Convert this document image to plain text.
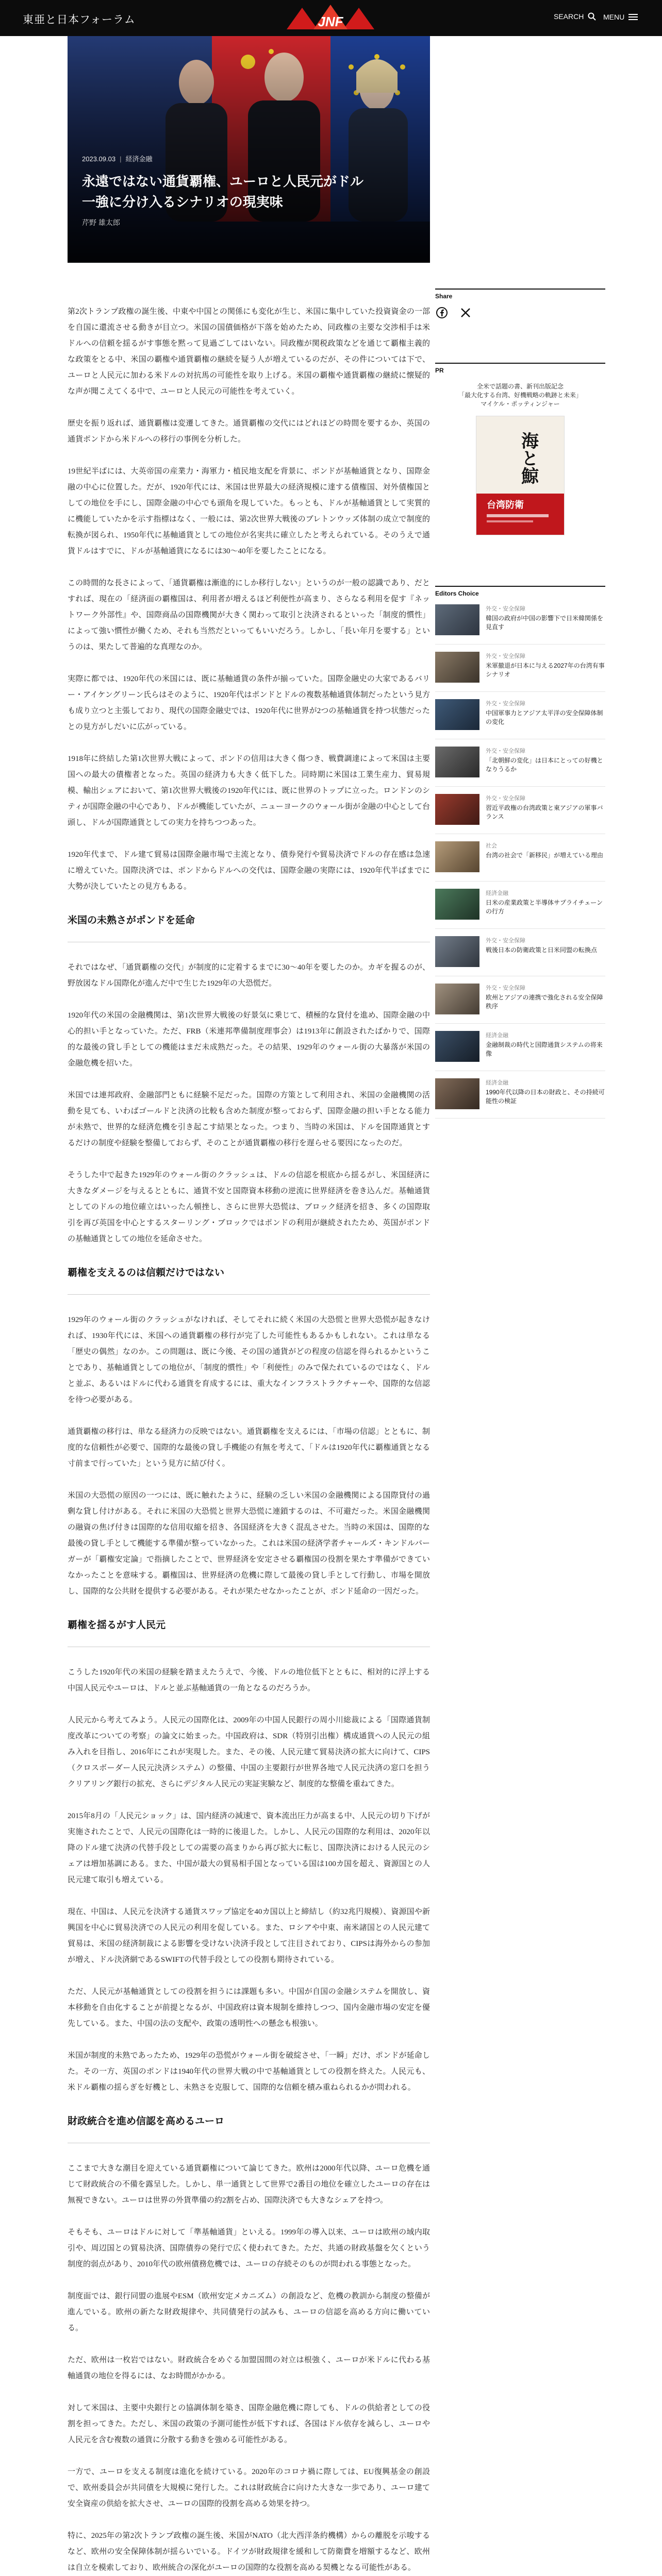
東亜と日本フォーラム	JNF	SEARCH	MENU
2023.09.03 | 経済金融
永遠ではない通貨覇権、ユーロと人民元がドル一強に分け入るシナリオの現実味
芹野 雄太郎

第2次トランプ政権の誕生後、中東や中国との関係にも変化が生じ、米国に集中していた投資資金の一部を自国に還流させる動きが目立つ。米国の国債価格が下落を始めたため、同政権の主要な交渉相手は米ドルへの信頼を揺るがす事態を黙って見過ごしてはいない。同政権が関税政策などを通じて覇権主義的な政策をとる中、米国の覇権や通貨覇権の継続を疑う人が増えているのだが、その件については下で、ユーロと人民元に加わる米ドルの対抗馬の可能性を取り上げる。米国の覇権や通貨覇権の継続に懐疑的な声が聞こえてくる中で、ユーロと人民元の可能性を考えていく。

歴史を振り返れば、通貨覇権は変遷してきた。通貨覇権の交代にはどれほどの時間を要するか、英国の通貨ポンドから米ドルへの移行の事例を分析した。

19世紀半ばには、大英帝国の産業力・海軍力・植民地支配を背景に、ポンドが基軸通貨となり、国際金融の中心に位置した。だが、1920年代には、米国は世界最大の経済規模に達する債権国、対外債権国としての地位を手にし、国際金融の中心でも頭角を現していた。もっとも、ドルが基軸通貨として実質的に機能していたかを示す指標はなく、一般には、第2次世界大戦後のブレトンウッズ体制の成立で制度的転換が図られ、1950年代に基軸通貨としての地位が名実共に確立したと考えられている。そのうえで通貨ドルはすでに、ドルが基軸通貨になるには30〜40年を要したことになる。

この時間的な長さによって、「通貨覇権は漸進的にしか移行しない」というのが一般の認識であり、だとすれば、現在の「経済面の覇権国は、利用者が増えるほど利便性が高まり、さらなる利用を促す『ネットワーク外部性』や、国際商品の国際機関が大きく関わって取引と決済されるといった「制度的慣性」によって強い慣性が働くため、それも当然だといってもいいだろう。しかし、「長い年月を要する」というのは、果たして普遍的な真理なのか。

実際に都では、1920年代の米国には、既に基軸通貨の条件が揃っていた。国際金融史の大家であるバリー・アイケングリーン氏らはそのように、1920年代はポンドとドルの複数基軸通貨体制だったという見方も成り立つと主張しており、現代の国際金融史では、1920年代に世界が2つの基軸通貨を持つ状態だったとの見方がしだいに広がっている。

1918年に終結した第1次世界大戦によって、ポンドの信用は大きく傷つき、戦費調達によって米国は主要国への最大の債権者となった。英国の経済力も大きく低下した。同時期に米国は工業生産力、貿易規模、輸出シェアにおいて、第1次世界大戦後の1920年代には、既に世界のトップに立った。ロンドンのシティが国際金融の中心であり、ドルが機能していたが、ニューヨークのウォール街が金融の中心として台頭し、ドルが国際通貨としての実力を持ちつつあった。

1920年代まで、ドル建て貿易は国際金融市場で主流となり、債券発行や貿易決済でドルの存在感は急速に増えていた。国際決済では、ポンドからドルへの交代は、国際金融の実際には、1920年代半ばまでに大勢が決していたとの見方もある。

米国の未熟さがポンドを延命

それではなぜ、「通貨覇権の交代」が制度的に定着するまでに30〜40年を要したのか。カギを握るのが、野放図なドル国際化が進んだ中で生じた1929年の大恐慌だ。

1920年代の米国の金融機関は、第1次世界大戦後の好景気に乗じて、積極的な貸付を進め、国際金融の中心的担い手となっていた。ただ、FRB（米連邦準備制度理事会）は1913年に創設されたばかりで、国際的な最後の貸し手としての機能はまだ未成熟だった。その結果、1929年のウォール街の大暴落が米国の金融危機を招いた。

米国では連邦政府、金融部門ともに経験不足だった。国際の方策として利用され、米国の金融機関の活動を見ても、いわばゴールドと決済の比較も含めた制度が整っておらず、国際金融の担い手となる能力が未熟で、世界的な経済危機を引き起こす結果となった。つまり、当時の米国は、ドルを国際通貨とするだけの制度や経験を整備しておらず、そのことが通貨覇権の移行を遅らせる要因になったのだ。

そうした中で起きた1929年のウォール街のクラッシュは、ドルの信認を根底から揺るがし、米国経済に大きなダメージを与えるとともに、通貨不安と国際資本移動の逆流に世界経済を巻き込んだ。基軸通貨としてのドルの地位確立はいったん頓挫し、さらに世界大恐慌は、ブロック経済を招き、多くの国際取引を再び英国を中心とするスターリング・ブロックではポンドの利用が継続されたため、英国がポンドの基軸通貨としての地位を延命させた。

覇権を支えるのは信頼だけではない

1929年のウォール街のクラッシュがなければ、そしてそれに続く米国の大恐慌と世界大恐慌が起きなければ、1930年代には、米国への通貨覇権の移行が完了した可能性もあるかもしれない。これは単なる「歴史の偶然」なのか。この問題は、既に今後、その国の通貨がどの程度の信認を得られるかということであり、基軸通貨としての地位が、「制度的慣性」や「利便性」のみで保たれているのではなく、ドルと並ぶ、あるいはドルに代わる通貨を育成するには、重大なインフラストラクチャーや、国際的な信認を待つ必要がある。

通貨覇権の移行は、単なる経済力の反映ではない。通貨覇権を支えるには、「市場の信認」とともに、制度的な信頼性が必要で、国際的な最後の貸し手機能の有無を考えて、「ドルは1920年代に覇権通貨となる寸前まで行っていた」という見方に結び付く。

米国の大恐慌の原因の一つには、既に触れたように、経験の乏しい米国の金融機関による国際貸付の過剰な貸し付けがある。それに米国の大恐慌と世界大恐慌に連鎖するのは、不可避だった。米国金融機関の融資の焦げ付きは国際的な信用収縮を招き、各国経済を大きく混乱させた。当時の米国は、国際的な最後の貸し手として機能する準備が整っていなかった。これは米国の経済学者チャールズ・キンドルバーガーが「覇権安定論」で指摘したことで、世界経済を安定させる覇権国の役割を果たす準備ができていなかったことを意味する。覇権国は、世界経済の危機に際して最後の貸し手として行動し、市場を開放し、国際的な公共財を提供する必要がある。それが果たせなかったことが、ポンド延命の一因だった。

覇権を揺るがす人民元

こうした1920年代の米国の経験を踏まえたうえで、今後、ドルの地位低下とともに、相対的に浮上する中国人民元やユーロは、ドルと並ぶ基軸通貨の一角となるのだろうか。

人民元から考えてみよう。人民元の国際化は、2009年の中国人民銀行の周小川総裁による「国際通貨制度改革についての考察」の論文に始まった。中国政府は、SDR（特別引出権）構成通貨への人民元の組み入れを目指し、2016年にこれが実現した。また、その後、人民元建て貿易決済の拡大に向けて、CIPS（クロスボーダー人民元決済システム）の整備、中国の主要銀行が世界各地で人民元決済の窓口を担うクリアリング銀行の拡充、さらにデジタル人民元の実証実験など、制度的な整備を重ねてきた。

2015年8月の「人民元ショック」は、国内経済の減速で、資本流出圧力が高まる中、人民元の切り下げが実施されたことで、人民元の国際化は一時的に後退した。しかし、人民元の国際的な利用は、2020年以降のドル建て決済の代替手段としての需要の高まりから再び拡大に転じ、国際決済における人民元のシェアは増加基調にある。また、中国が最大の貿易相手国となっている国は100カ国を超え、資源国との人民元建て取引も増えている。

現在、中国は、人民元を決済する通貨スワップ協定を40カ国以上と締結し（約32兆円規模）、資源国や新興国を中心に貿易決済での人民元の利用を促している。また、ロシアや中東、南米諸国との人民元建て貿易は、米国の経済制裁による影響を受けない決済手段として注目されており、CIPSは海外からの参加が増え、ドル決済網であるSWIFTの代替手段としての役割も期待されている。

ただ、人民元が基軸通貨としての役割を担うには課題も多い。中国が自国の金融システムを開放し、資本移動を自由化することが前提となるが、中国政府は資本規制を維持しつつ、国内金融市場の安定を優先している。また、中国の法の支配や、政策の透明性への懸念も根強い。

米国が制度的未熟であったため、1929年の恐慌がウォール街を破綻させ、「一瞬」だけ、ポンドが延命した。その一方、英国のポンドは1940年代の世界大戦の中で基軸通貨としての役割を終えた。人民元も、米ドル覇権の揺らぎを好機とし、未熟さを克服して、国際的な信頼を積み重ねられるかが問われる。

財政統合を進め信認を高めるユーロ

ここまで大きな潮目を迎えている通貨覇権について論じてきた。欧州は2000年代以降、ユーロ危機を通じて財政統合の不備を露呈した。しかし、単一通貨として世界で2番目の地位を確立したユーロの存在は無視できない。ユーロは世界の外貨準備の約2割を占め、国際決済でも大きなシェアを持つ。

そもそも、ユーロはドルに対して「準基軸通貨」といえる。1999年の導入以来、ユーロは欧州の域内取引や、周辺国との貿易決済、国際債券の発行で広く使われてきた。ただ、共通の財政基盤を欠くという制度的弱点があり、2010年代の欧州債務危機では、ユーロの存続そのものが問われる事態となった。

制度面では、銀行同盟の進展やESM（欧州安定メカニズム）の創設など、危機の教訓から制度の整備が進んでいる。欧州の新たな財政規律や、共同債発行の試みも、ユーロの信認を高める方向に働いている。

ただ、欧州は一枚岩ではない。財政統合をめぐる加盟国間の対立は根強く、ユーロが米ドルに代わる基軸通貨の地位を得るには、なお時間がかかる。

対して米国は、主要中央銀行との協調体制を築き、国際金融危機に際しても、ドルの供給者としての役割を担ってきた。ただし、米国の政策の予測可能性が低下すれば、各国はドル依存を減らし、ユーロや人民元を含む複数の通貨に分散する動きを強める可能性がある。

一方で、ユーロを支える制度は進化を続けている。2020年のコロナ禍に際しては、EU復興基金の創設で、欧州委員会が共同債を大規模に発行した。これは財政統合に向けた大きな一歩であり、ユーロ建て安全資産の供給を拡大させ、ユーロの国際的役割を高める効果を持つ。

特に、2025年の第2次トランプ政権の誕生後、米国がNATO（北大西洋条約機構）からの離脱を示唆するなど、欧州の安全保障体制が揺らいでいる。ドイツが財政規律を緩和して防衛費を増額するなど、欧州は自立を模索しており、欧州統合の深化がユーロの国際的な役割を高める契機となる可能性がある。

Share
PR
全米で話題の書、新刊出版記念
「最大化する台湾、好機戦略の軌跡と未来」
マイケル・ポッティンジャー
海と鯨
台湾防衛
Editors Choice
外交・安全保障
韓国の政府が中国の影響下で日米韓関係を見直す
外交・安全保障
米軍撤退が日本に与える2027年の台湾有事シナリオ
外交・安全保障
中国軍事力とアジア太平洋の安全保障体制の変化
外交・安全保障
「北朝鮮の変化」は日本にとっての好機となりうるか
外交・安全保障
習近平政権の台湾政策と東アジアの軍事バランス
社会
台湾の社会で「新移民」が増えている理由
経済金融
日米の産業政策と半導体サプライチェーンの行方
外交・安全保障
戦後日本の防衛政策と日米同盟の転換点
外交・安全保障
欧州とアジアの連携で強化される安全保障秩序
経済金融
金融制裁の時代と国際通貨システムの将来像
経済金融
1990年代以降の日本の財政と、その持続可能性の検証
